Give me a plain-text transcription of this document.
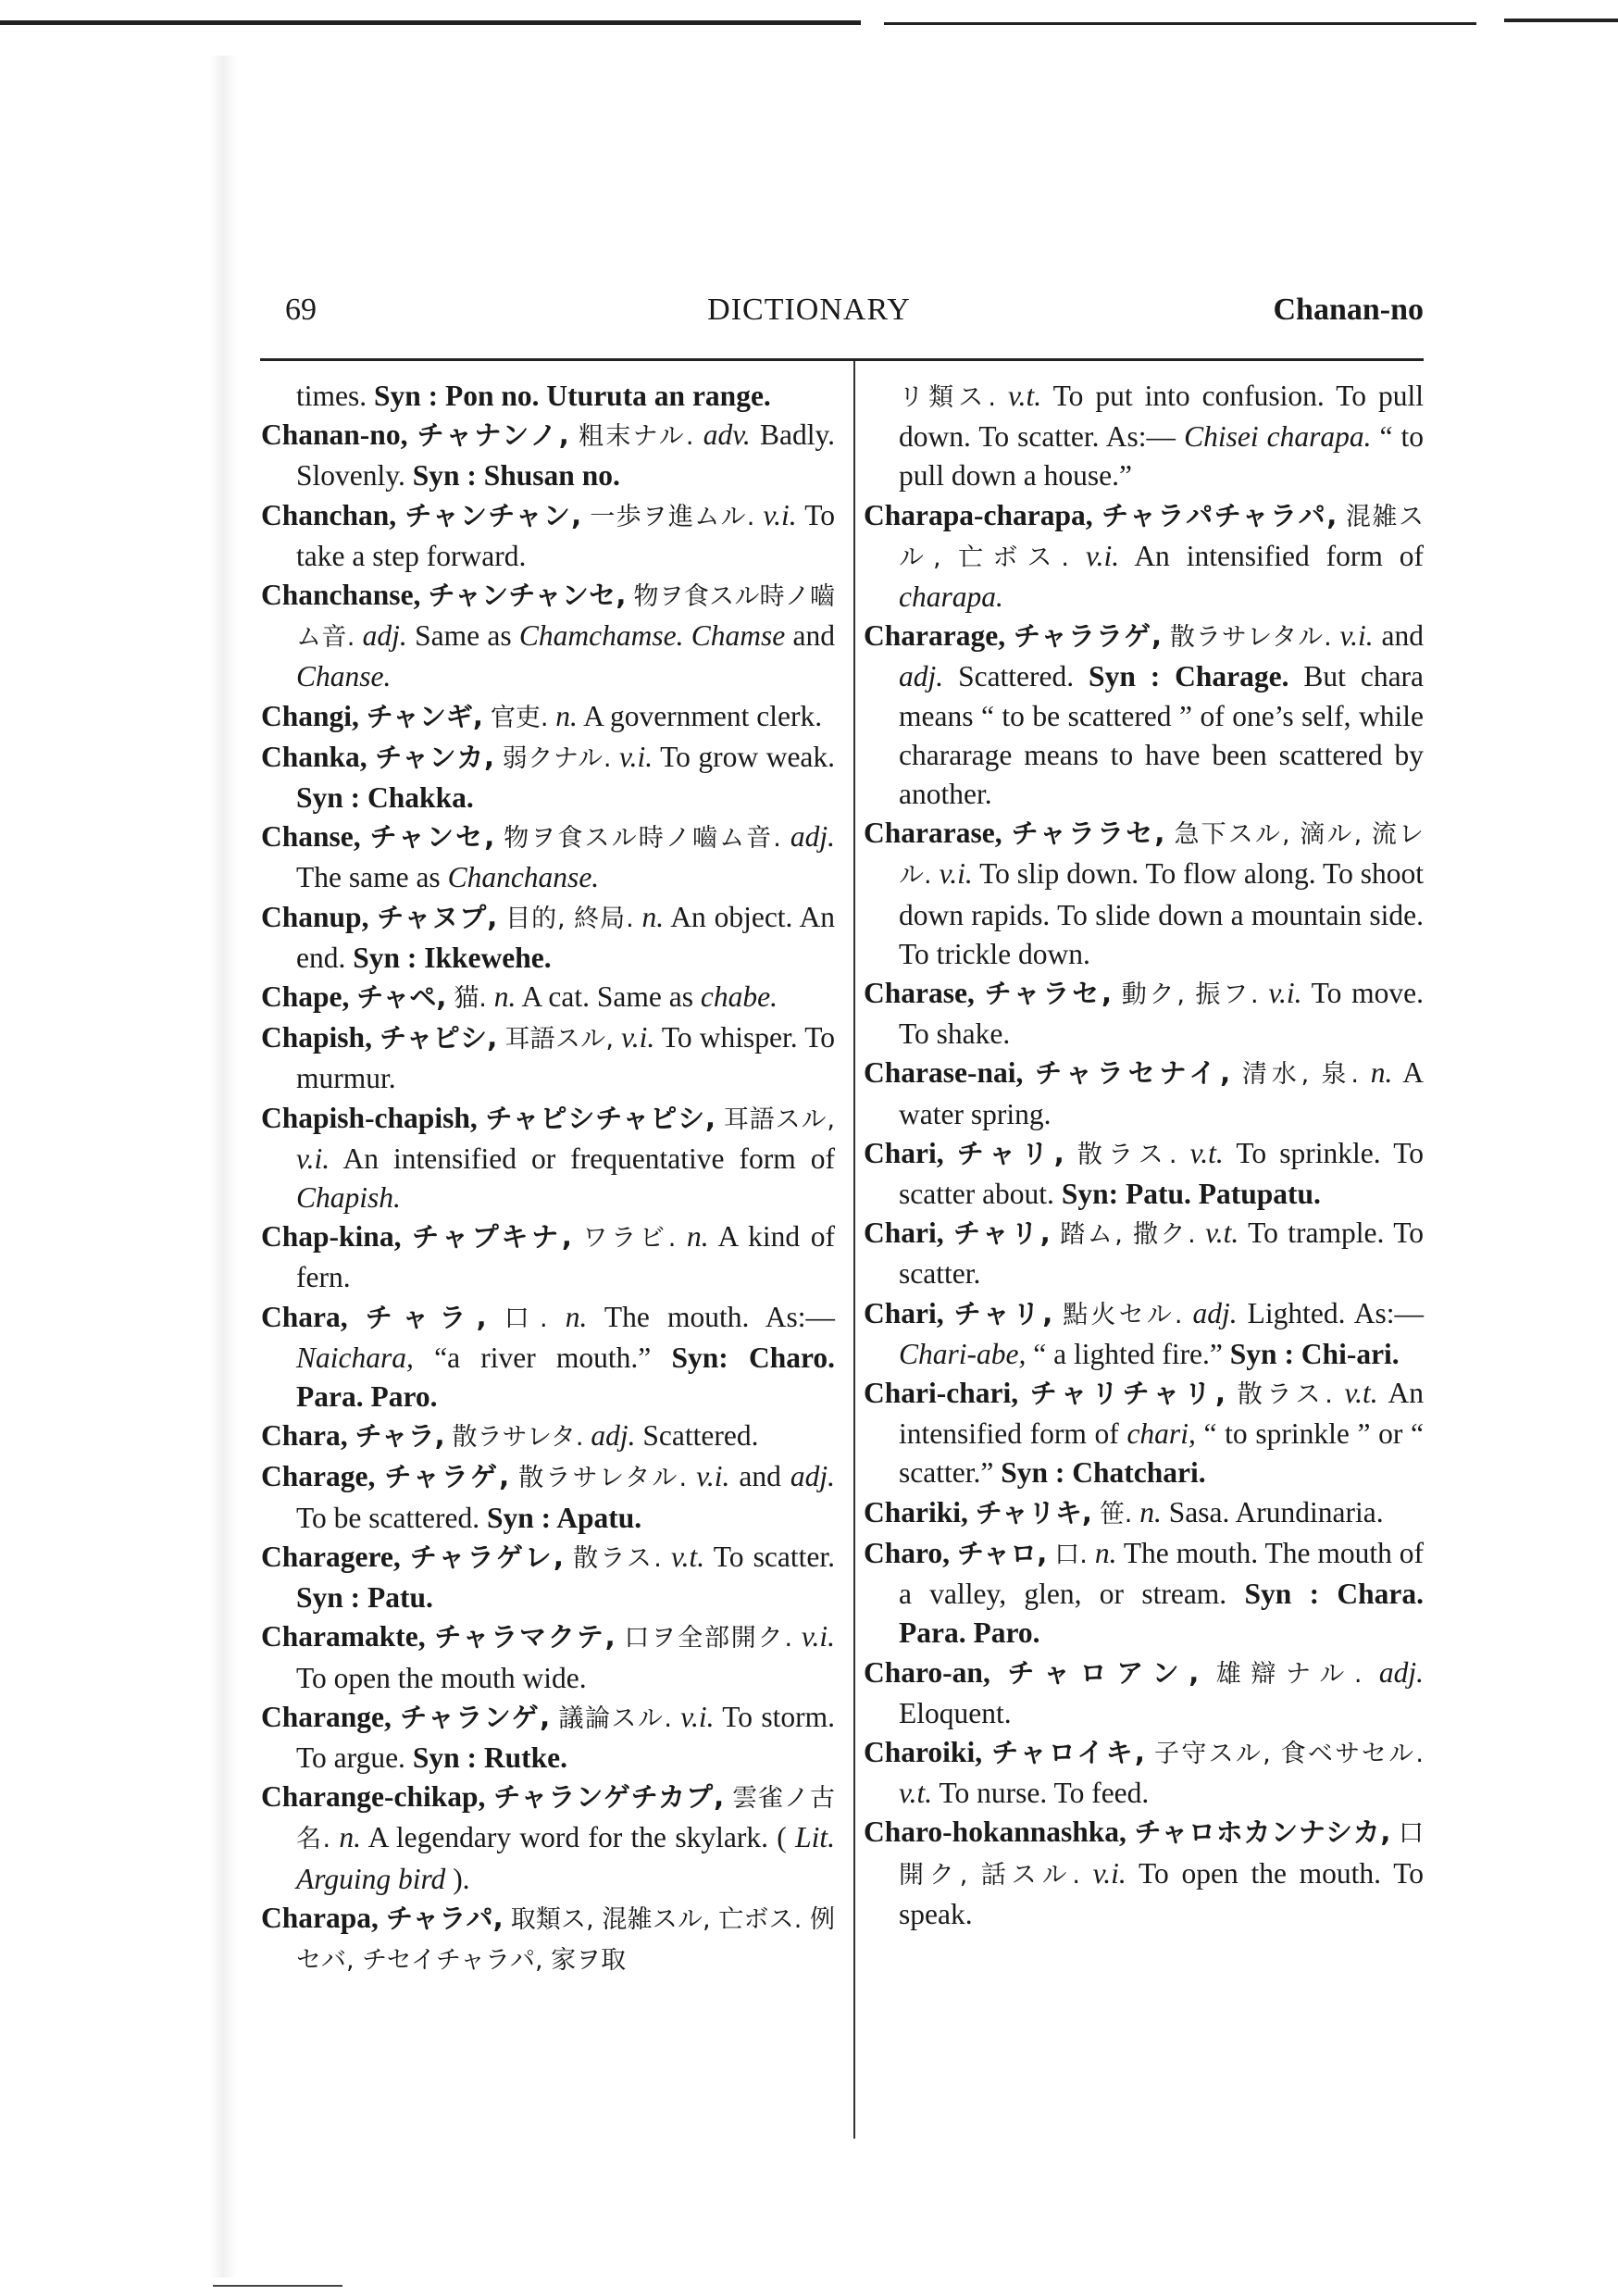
69	DICTIONARY	Chanan-no
times. Syn : Pon no. Uturuta an range.
Chanan-no, チャナンノ, 粗末ナル. adv. Badly. Slovenly. Syn : Shusan no.
Chanchan, チャンチャン, 一歩ヲ進ムル. v.i. To take a step forward.
Chanchanse, チャンチャンセ, 物ヲ食スル時ノ嚙ム音. adj. Same as Chamchamse. Chamse and Chanse.
Changi, チャンギ, 官吏. n. A government clerk.
Chanka, チャンカ, 弱クナル. v.i. To grow weak. Syn : Chakka.
Chanse, チャンセ, 物ヲ食スル時ノ嚙ム音. adj. The same as Chanchanse.
Chanup, チャヌプ, 目的, 終局. n. An object. An end. Syn : Ikkewehe.
Chape, チャペ, 猫. n. A cat. Same as chabe.
Chapish, チャピシ, 耳語スル, v.i. To whisper. To murmur.
Chapish-chapish, チャピシチャピシ, 耳語スル, v.i. An intensified or frequentative form of Chapish.
Chap-kina, チャプキナ, ワラビ. n. A kind of fern.
Chara, チャラ, 口. n. The mouth. As:— Naichara, “a river mouth.” Syn: Charo. Para. Paro.
Chara, チャラ, 散ラサレタ. adj. Scattered.
Charage, チャラゲ, 散ラサレタル. v.i. and adj. To be scattered. Syn : Apatu.
Charagere, チャラゲレ, 散ラス. v.t. To scatter. Syn : Patu.
Charamakte, チャラマクテ, 口ヲ全部開ク. v.i. To open the mouth wide.
Charange, チャランゲ, 議論スル. v.i. To storm. To argue. Syn : Rutke.
Charange-chikap, チャランゲチカプ, 雲雀ノ古名. n. A legendary word for the skylark. ( Lit. Arguing bird ).
Charapa, チャラパ, 取類ス, 混雑スル, 亡ボス. 例セバ, チセイチャラパ, 家ヲ取
リ類ス. v.t. To put into confusion. To pull down. To scatter. As:— Chisei charapa. “ to pull down a house.”
Charapa-charapa, チャラパチャラパ, 混雑スル, 亡ボス. v.i. An intensified form of charapa.
Chararage, チャララゲ, 散ラサレタル. v.i. and adj. Scattered. Syn : Charage. But chara means “ to be scattered ” of one’s self, while chararage means to have been scattered by another.
Chararase, チャララセ, 急下スル, 滴ル, 流レル. v.i. To slip down. To flow along. To shoot down rapids. To slide down a mountain side. To trickle down.
Charase, チャラセ, 動ク, 振フ. v.i. To move. To shake.
Charase-nai, チャラセナイ, 清水, 泉. n. A water spring.
Chari, チャリ, 散ラス. v.t. To sprinkle. To scatter about. Syn: Patu. Patupatu.
Chari, チャリ, 踏ム, 撒ク. v.t. To trample. To scatter.
Chari, チャリ, 點火セル. adj. Lighted. As:— Chari-abe, “ a lighted fire.” Syn : Chi-ari.
Chari-chari, チャリチャリ, 散ラス. v.t. An intensified form of chari, “ to sprinkle ” or “ scatter.” Syn : Chatchari.
Chariki, チャリキ, 笹. n. Sasa. Arundinaria.
Charo, チャロ, 口. n. The mouth. The mouth of a valley, glen, or stream. Syn : Chara. Para. Paro.
Charo-an, チャロアン, 雄辯ナル. adj. Eloquent.
Charoiki, チャロイキ, 子守スル, 食ベサセル. v.t. To nurse. To feed.
Charo-hokannashka, チャロホカンナシカ, 口開ク, 話スル. v.i. To open the mouth. To speak.
